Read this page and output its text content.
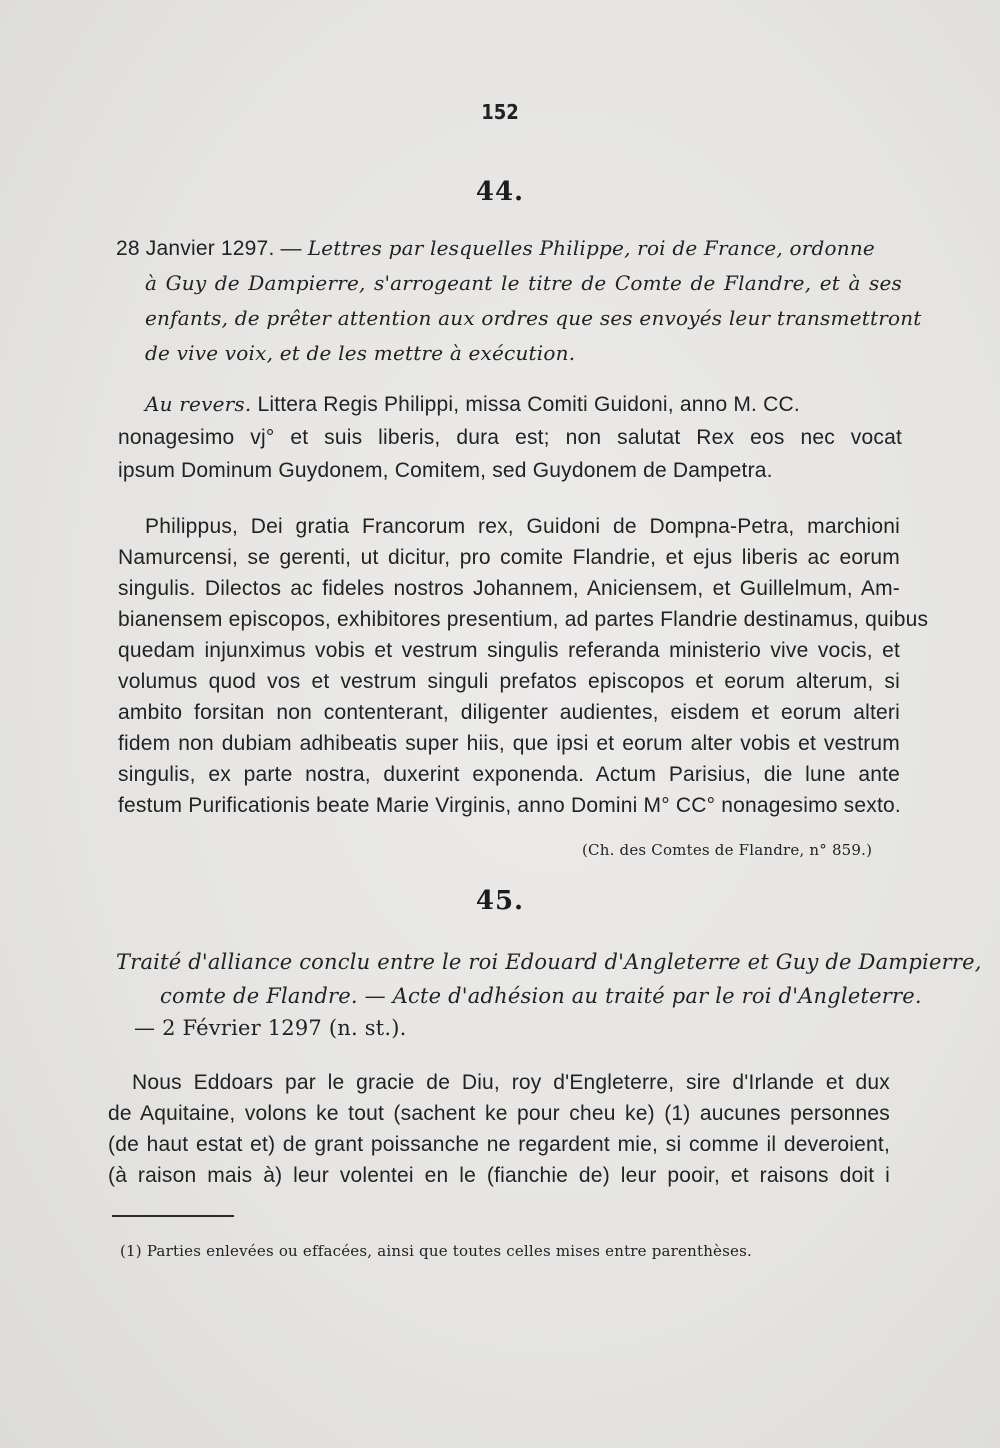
152
44.
28 Janvier 1297. — Lettres par lesquelles Philippe, roi de France, ordonne
à Guy de Dampierre, s'arrogeant le titre de Comte de Flandre, et à ses
enfants, de prêter attention aux ordres que ses envoyés leur transmettront
de vive voix, et de les mettre à exécution.
Au revers. Littera Regis Philippi, missa Comiti Guidoni, anno M. CC.
nonagesimo vj° et suis liberis, dura est; non salutat Rex eos nec vocat
ipsum Dominum Guydonem, Comitem, sed Guydonem de Dampetra.
Philippus, Dei gratia Francorum rex, Guidoni de Dompna-Petra, marchioni
Namurcensi, se gerenti, ut dicitur, pro comite Flandrie, et ejus liberis ac eorum
singulis. Dilectos ac fideles nostros Johannem, Aniciensem, et Guillelmum, Am-
bianensem episcopos, exhibitores presentium, ad partes Flandrie destinamus, quibus
quedam injunximus vobis et vestrum singulis referanda ministerio vive vocis, et
volumus quod vos et vestrum singuli prefatos episcopos et eorum alterum, si
ambito forsitan non contenterant, diligenter audientes, eisdem et eorum alteri
fidem non dubiam adhibeatis super hiis, que ipsi et eorum alter vobis et vestrum
singulis, ex parte nostra, duxerint exponenda. Actum Parisius, die lune ante
festum Purificationis beate Marie Virginis, anno Domini M° CC° nonagesimo sexto.
(Ch. des Comtes de Flandre, n° 859.)
45.
Traité d'alliance conclu entre le roi Edouard d'Angleterre et Guy de Dampierre,
comte de Flandre. — Acte d'adhésion au traité par le roi d'Angleterre.
— 2 Février 1297 (n. st.).
Nous Eddoars par le gracie de Diu, roy d'Engleterre, sire d'Irlande et dux
de Aquitaine, volons ke tout (sachent ke pour cheu ke) (1) aucunes personnes
(de haut estat et) de grant poissanche ne regardent mie, si comme il deveroient,
(à raison mais à) leur volentei en le (fianchie de) leur pooir, et raisons doit i
(1) Parties enlevées ou effacées, ainsi que toutes celles mises entre parenthèses.
